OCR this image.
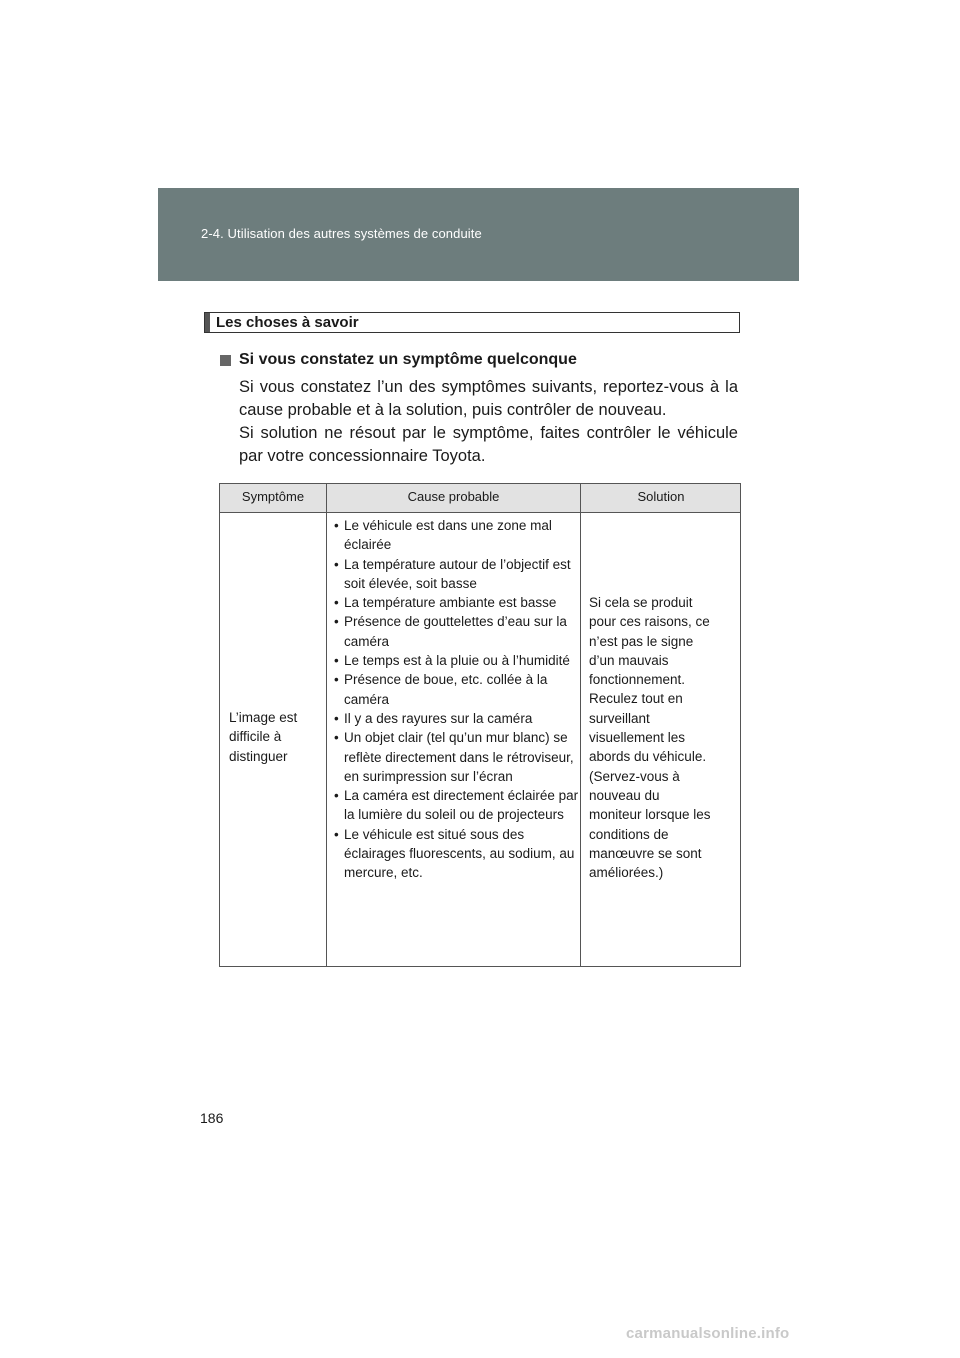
2-4. Utilisation des autres systèmes de conduite
Les choses à savoir
Si vous constatez un symptôme quelconque

Si vous constatez l’un des symptômes suivants, reportez-vous à la cause probable et à la solution, puis contrôler de nouveau.

Si solution ne résout par le symptôme, faites contrôler le véhicule par votre concessionnaire Toyota.

Symptôme	Cause probable	Solution
L’image est
difficile à
distinguer
• Le véhicule est dans une zone mal éclairée
• La température autour de l’objectif est soit élevée, soit basse
• La température ambiante est basse
• Présence de gouttelettes d’eau sur la caméra
• Le temps est à la pluie ou à l’humidité
• Présence de boue, etc. collée à la caméra
• Il y a des rayures sur la caméra
• Un objet clair (tel qu’un mur blanc) se reflète directement dans le rétroviseur, en surimpression sur l’écran
• La caméra est directement éclairée par la lumière du soleil ou de projecteurs
• Le véhicule est situé sous des éclairages fluorescents, au sodium, au mercure, etc.
Si cela se produit
pour ces raisons, ce
n’est pas le signe
d’un mauvais
fonctionnement.
Reculez tout en
surveillant
visuellement les
abords du véhicule.
(Servez-vous à
nouveau du
moniteur lorsque les
conditions de
manœuvre se sont
améliorées.)
186
carmanualsonline.info
